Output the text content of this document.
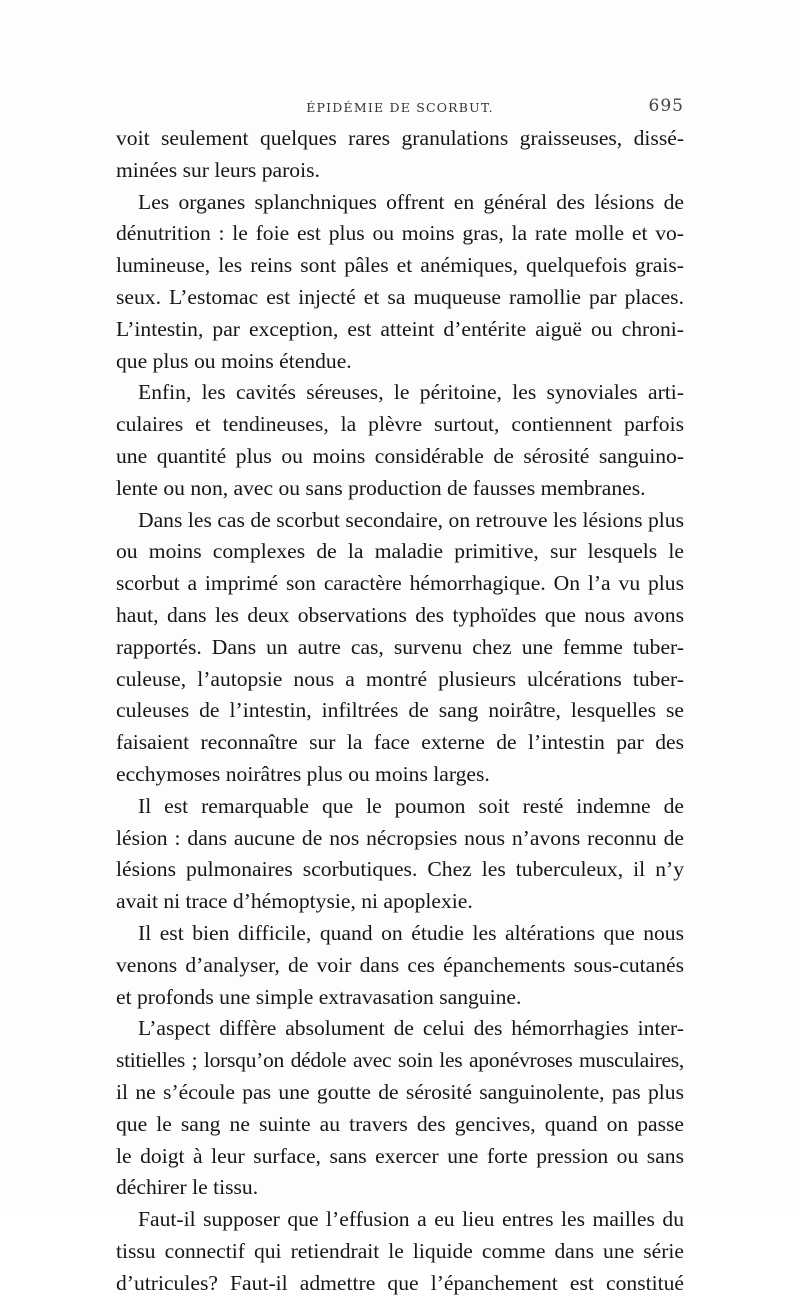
ÉPIDÉMIE DE SCORBUT.	695
voit seulement quelques rares granulations graisseuses, dissé-
minées sur leurs parois.
Les organes splanchniques offrent en général des lésions de
dénutrition : le foie est plus ou moins gras, la rate molle et vo-
lumineuse, les reins sont pâles et anémiques, quelquefois grais-
seux. L’estomac est injecté et sa muqueuse ramollie par places.
L’intestin, par exception, est atteint d’entérite aiguë ou chroni-
que plus ou moins étendue.
Enfin, les cavités séreuses, le péritoine, les synoviales arti-
culaires et tendineuses, la plèvre surtout, contiennent parfois
une quantité plus ou moins considérable de sérosité sanguino-
lente ou non, avec ou sans production de fausses membranes.
Dans les cas de scorbut secondaire, on retrouve les lésions plus
ou moins complexes de la maladie primitive, sur lesquels le
scorbut a imprimé son caractère hémorrhagique. On l’a vu plus
haut, dans les deux observations des typhoïdes que nous avons
rapportés. Dans un autre cas, survenu chez une femme tuber-
culeuse, l’autopsie nous a montré plusieurs ulcérations tuber-
culeuses de l’intestin, infiltrées de sang noirâtre, lesquelles se
faisaient reconnaître sur la face externe de l’intestin par des
ecchymoses noirâtres plus ou moins larges.
Il est remarquable que le poumon soit resté indemne de
lésion : dans aucune de nos nécropsies nous n’avons reconnu de
lésions pulmonaires scorbutiques. Chez les tuberculeux, il n’y
avait ni trace d’hémoptysie, ni apoplexie.
Il est bien difficile, quand on étudie les altérations que nous
venons d’analyser, de voir dans ces épanchements sous-cutanés
et profonds une simple extravasation sanguine.
L’aspect diffère absolument de celui des hémorrhagies inter-
stitielles ; lorsqu’on dédole avec soin les aponévroses musculaires,
il ne s’écoule pas une goutte de sérosité sanguinolente, pas plus
que le sang ne suinte au travers des gencives, quand on passe
le doigt à leur surface, sans exercer une forte pression ou sans
déchirer le tissu.
Faut-il supposer que l’effusion a eu lieu entres les mailles du
tissu connectif qui retiendrait le liquide comme dans une série
d’utricules? Faut-il admettre que l’épanchement est constitué
